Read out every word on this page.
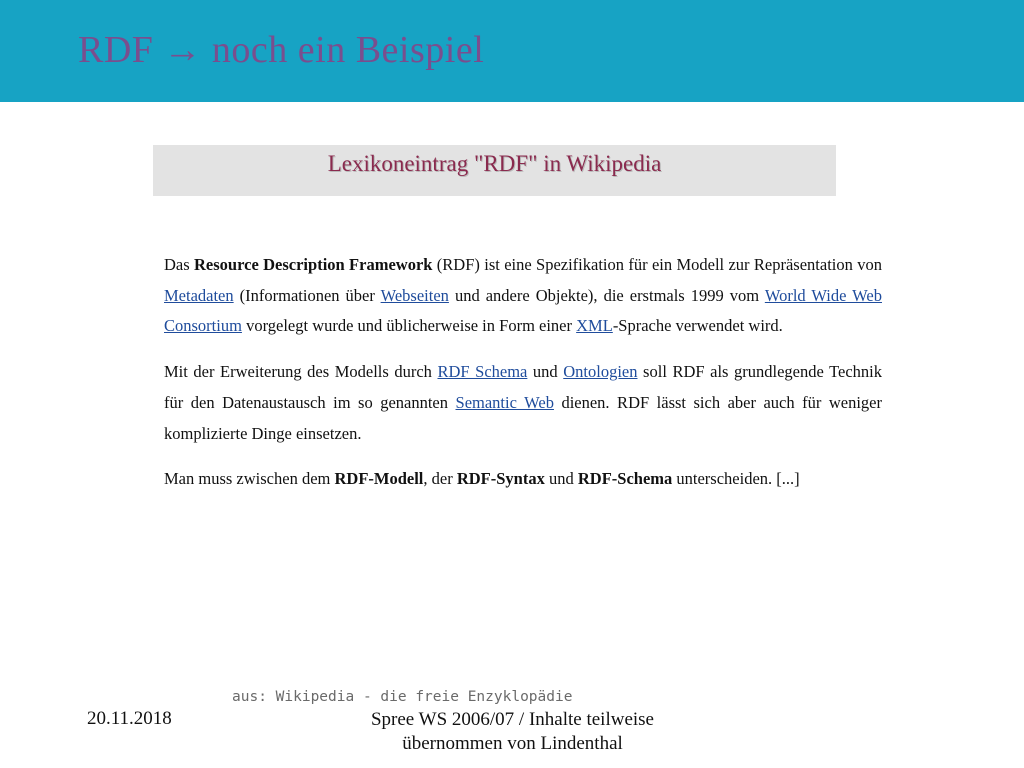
RDF → noch ein Beispiel
Lexikoneintrag "RDF" in Wikipedia

Das Resource Description Framework (RDF) ist eine Spezifikation für ein Modell zur Repräsentation von Metadaten (Informationen über Webseiten und andere Objekte), die erstmals 1999 vom World Wide Web Consortium vorgelegt wurde und üblicherweise in Form einer XML-Sprache verwendet wird.

Mit der Erweiterung des Modells durch RDF Schema und Ontologien soll RDF als grundlegende Technik für den Datenaustausch im so genannten Semantic Web dienen. RDF lässt sich aber auch für weniger komplizierte Dinge einsetzen.

Man muss zwischen dem RDF-Modell, der RDF-Syntax und RDF-Schema unterscheiden. [...]

aus: Wikipedia - die freie Enzyklopädie
20.11.2018	Spree WS 2006/07 / Inhalte teilweise übernommen von Lindenthal
